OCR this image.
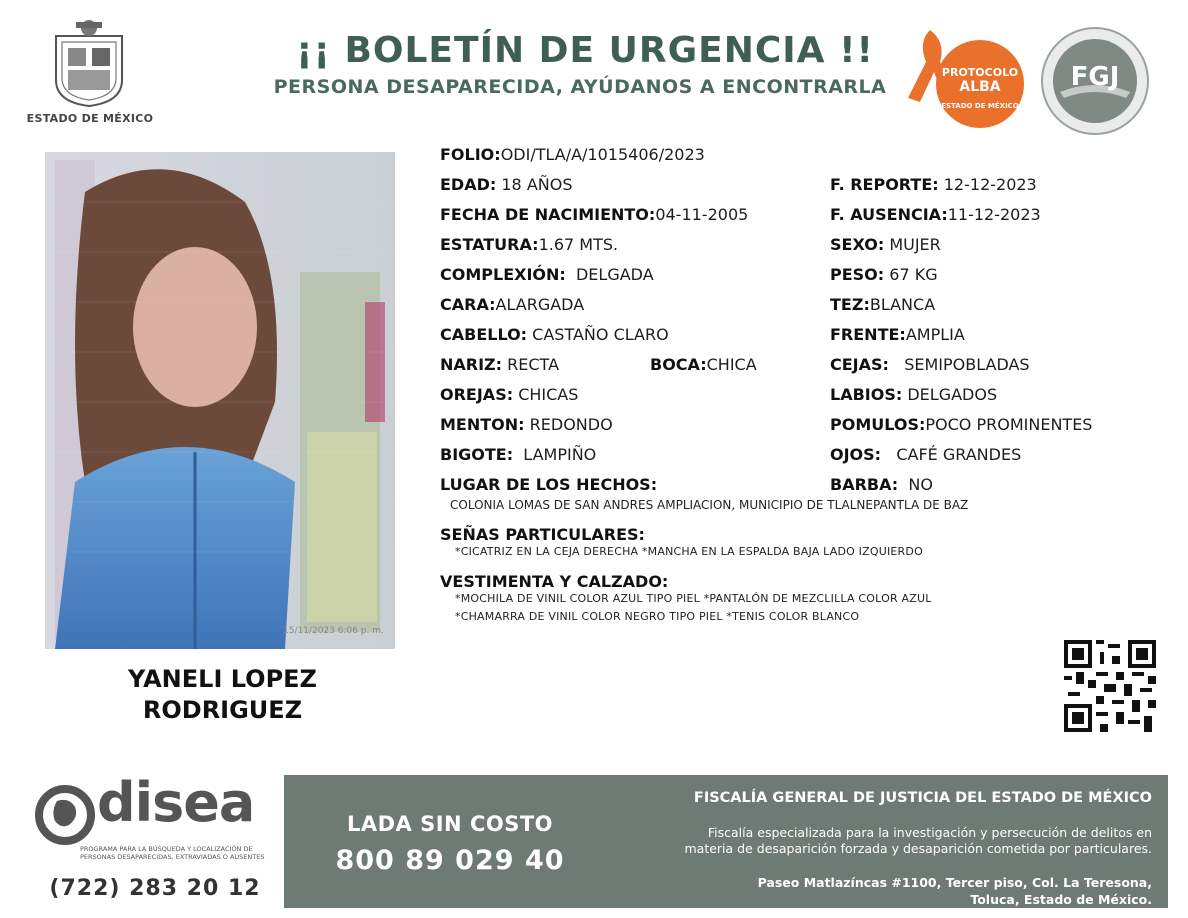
ESTADO DE MÉXICO
¡¡ BOLETÍN DE URGENCIA !!
PERSONA DESAPARECIDA, AYÚDANOS A ENCONTRARLA
PROTOCOLO
ALBA
ESTADO DE MÉXICO
FGJ
15/11/2023 6:06 p. m.
YANELI LOPEZ
RODRIGUEZ
FOLIO:ODI/TLA/A/1015406/2023
EDAD: 18 AÑOS	F. REPORTE: 12-12-2023
FECHA DE NACIMIENTO:04-11-2005	F. AUSENCIA:11-12-2023
ESTATURA:1.67 MTS.	SEXO: MUJER
COMPLEXIÓN: DELGADA	PESO: 67 KG
CARA:ALARGADA	TEZ:BLANCA
CABELLO: CASTAÑO CLARO	FRENTE:AMPLIA
NARIZ: RECTA	BOCA:CHICA	CEJAS: SEMIPOBLADAS
OREJAS: CHICAS	LABIOS: DELGADOS
MENTON: REDONDO	POMULOS:POCO PROMINENTES
BIGOTE: LAMPIÑO	OJOS: CAFÉ GRANDES
LUGAR DE LOS HECHOS:	BARBA: NO
COLONIA LOMAS DE SAN ANDRES AMPLIACION, MUNICIPIO DE TLALNEPANTLA DE BAZ
SEÑAS PARTICULARES:
*CICATRIZ EN LA CEJA DERECHA *MANCHA EN LA ESPALDA BAJA LADO IZQUIERDO
VESTIMENTA Y CALZADO:
*MOCHILA DE VINIL COLOR AZUL TIPO PIEL *PANTALÓN DE MEZCLILLA COLOR AZUL
*CHAMARRA DE VINIL COLOR NEGRO TIPO PIEL *TENIS COLOR BLANCO
disea
PROGRAMA PARA LA BÚSQUEDA Y LOCALIZACIÓN DE PERSONAS DESAPARECIDAS, EXTRAVIADAS O AUSENTES
(722) 283 20 12
LADA SIN COSTO
800 89 029 40
FISCALÍA GENERAL DE JUSTICIA DEL ESTADO DE MÉXICO
Fiscalía especializada para la investigación y persecución de delitos en
materia de desaparición forzada y desaparición cometida por particulares.
Paseo Matlazíncas #1100, Tercer piso, Col. La Teresona,
Toluca, Estado de México.
